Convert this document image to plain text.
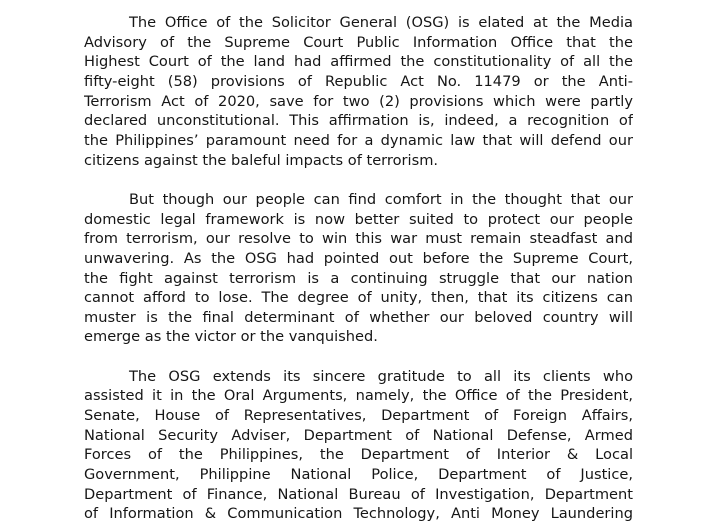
The Office of the Solicitor General (OSG) is elated at the Media
Advisory of the Supreme Court Public Information Office that the
Highest Court of the land had affirmed the constitutionality of all the
fifty-eight (58) provisions of Republic Act No. 11479 or the Anti-
Terrorism Act of 2020, save for two (2) provisions which were partly
declared unconstitutional. This affirmation is, indeed, a recognition of
the Philippines’ paramount need for a dynamic law that will defend our
citizens against the baleful impacts of terrorism.
But though our people can find comfort in the thought that our
domestic legal framework is now better suited to protect our people
from terrorism, our resolve to win this war must remain steadfast and
unwavering. As the OSG had pointed out before the Supreme Court,
the fight against terrorism is a continuing struggle that our nation
cannot afford to lose. The degree of unity, then, that its citizens can
muster is the final determinant of whether our beloved country will
emerge as the victor or the vanquished.
The OSG extends its sincere gratitude to all its clients who
assisted it in the Oral Arguments, namely, the Office of the President,
Senate, House of Representatives, Department of Foreign Affairs,
National Security Adviser, Department of National Defense, Armed
Forces of the Philippines, the Department of Interior & Local
Government, Philippine National Police, Department of Justice,
Department of Finance, National Bureau of Investigation, Department
of Information & Communication Technology, Anti Money Laundering
